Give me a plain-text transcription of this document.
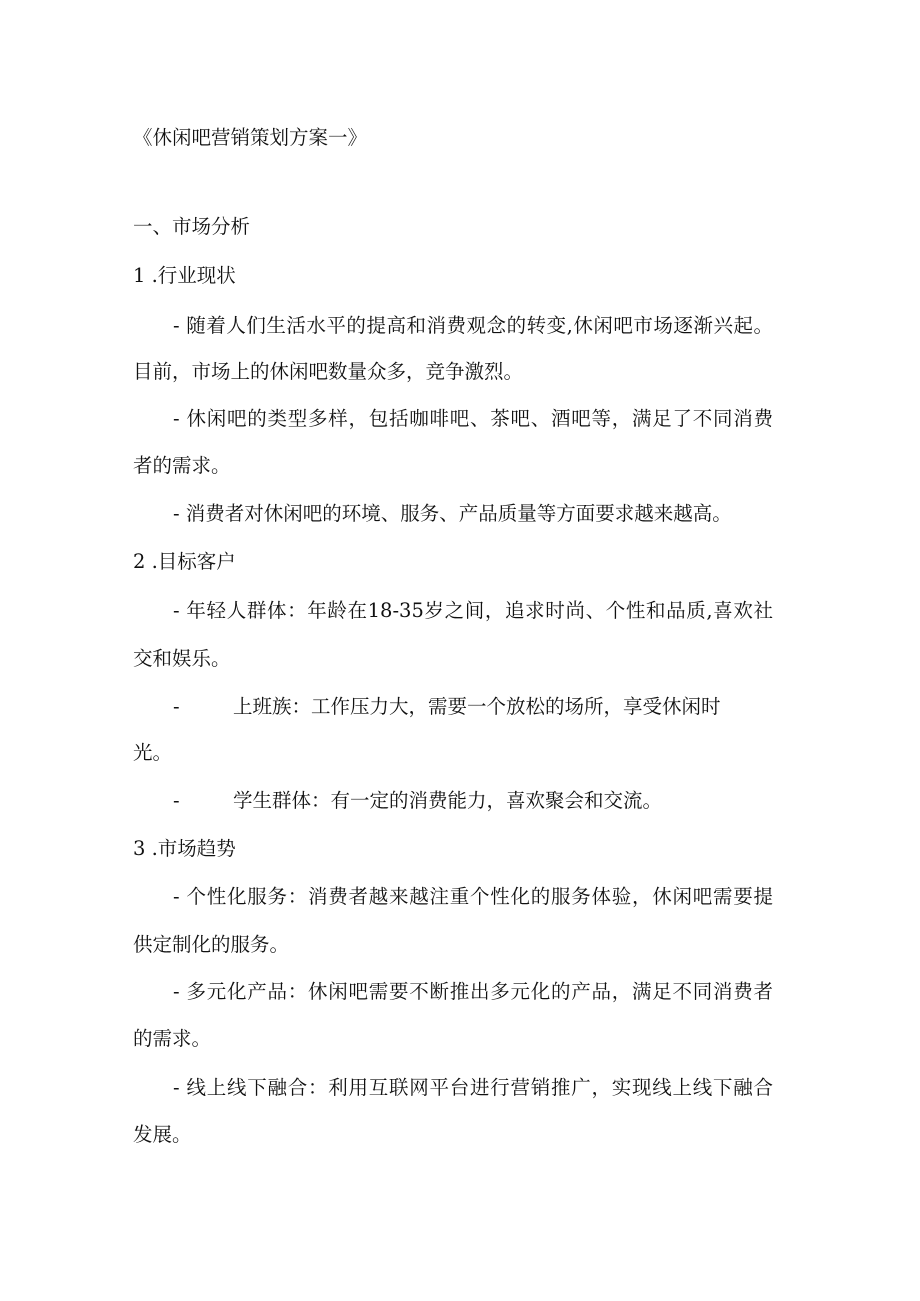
《休闲吧营销策划方案一》
一、市场分析
1 .行业现状
- 随着人们生活水平的提高和消费观念的转变,休闲吧市场逐渐兴起。
目前，市场上的休闲吧数量众多，竞争激烈。
- 休闲吧的类型多样，包括咖啡吧、茶吧、酒吧等，满足了不同消费
者的需求。
- 消费者对休闲吧的环境、服务、产品质量等方面要求越来越高。
2 .目标客户
- 年轻人群体：年龄在18-35岁之间，追求时尚、个性和品质,喜欢社
交和娱乐。
-	上班族：工作压力大，需要一个放松的场所，享受休闲时
光。
-	学生群体：有一定的消费能力，喜欢聚会和交流。
3 .市场趋势
- 个性化服务：消费者越来越注重个性化的服务体验，休闲吧需要提
供定制化的服务。
- 多元化产品：休闲吧需要不断推出多元化的产品，满足不同消费者
的需求。
- 线上线下融合：利用互联网平台进行营销推广，实现线上线下融合
发展。
